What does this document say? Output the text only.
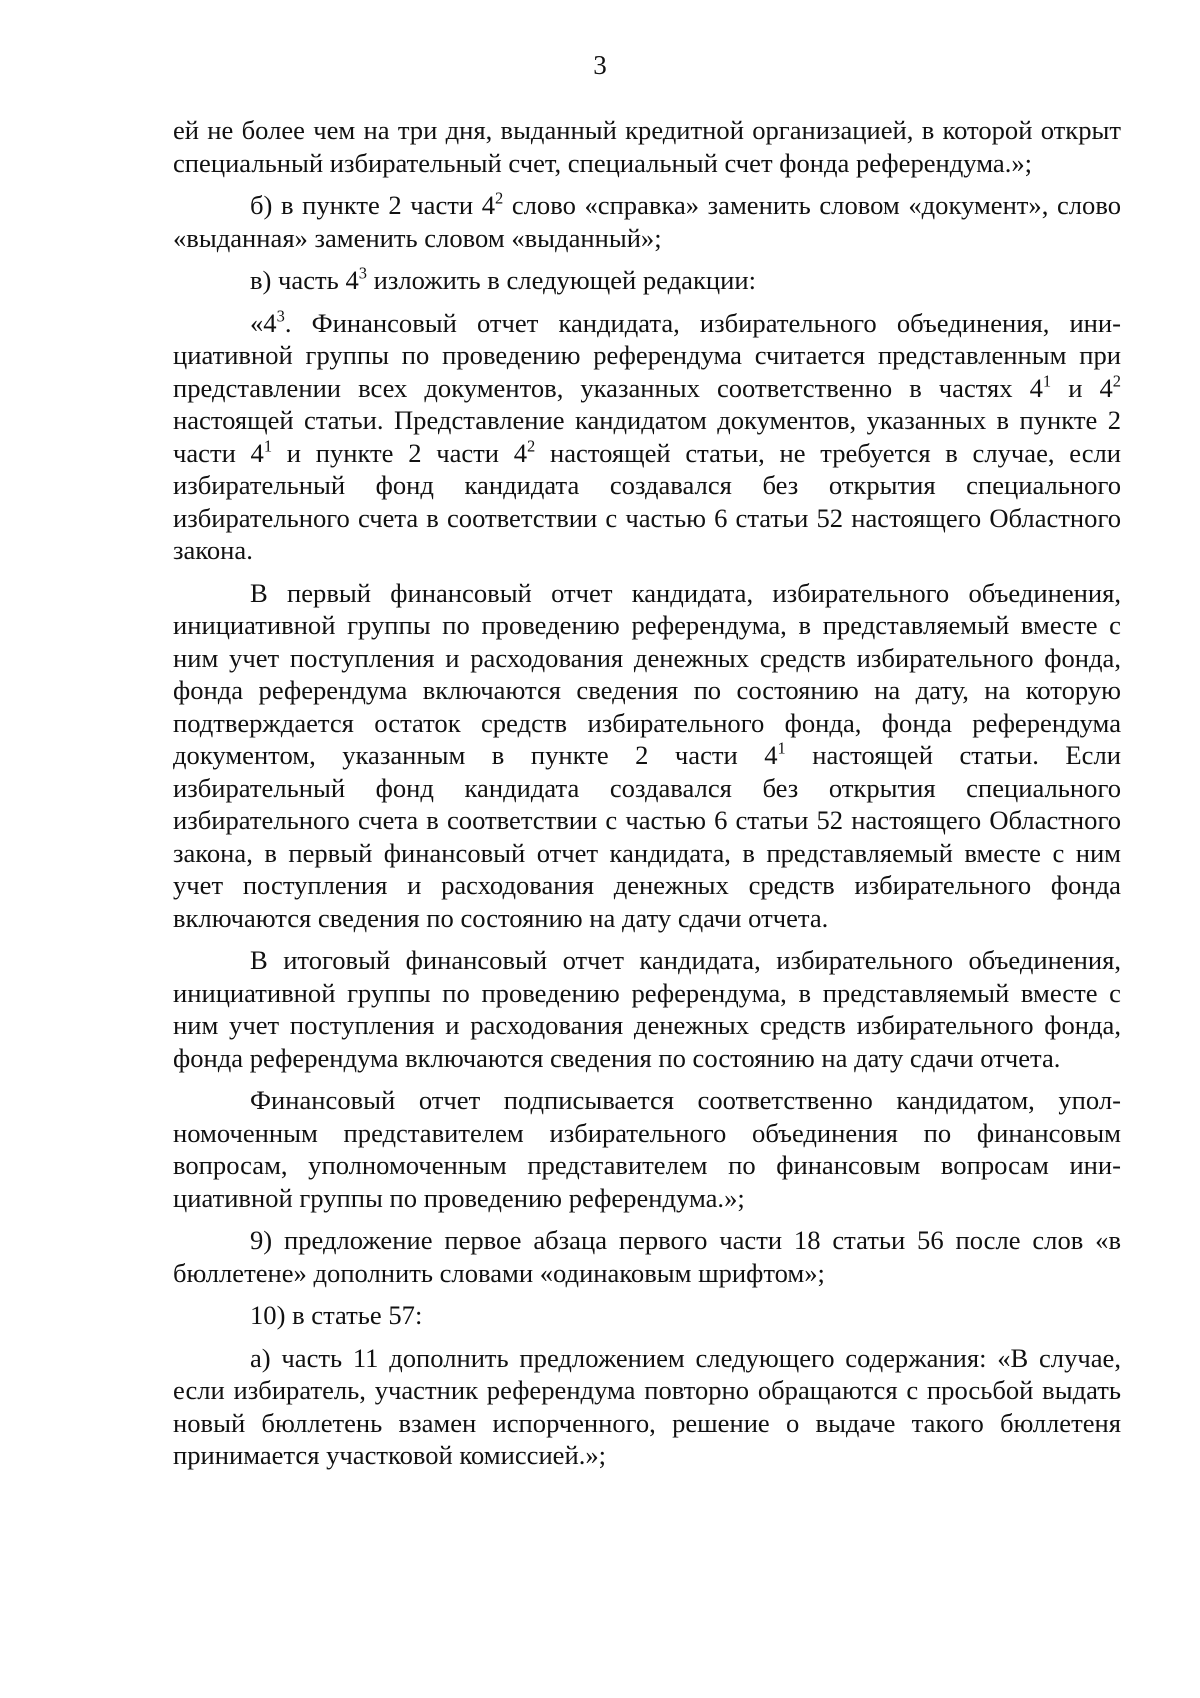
3

ей не более чем на три дня, выданный кредитной организацией, в которой открыт специальный избирательный счет, специальный счет фонда референдума.»;

б) в пункте 2 части $4^2$ слово «справка» заменить словом «документ», слово «выданная» заменить словом «выданный»;

в) часть $4^3$ изложить в следующей редакции:

«$4^3$. Финансовый отчет кандидата, избирательного объединения, инициативной группы по проведению референдума считается представленным при представлении всех документов, указанных соответственно в частях $4^1$ и $4^2$ настоящей статьи. Представление кандидатом документов, указанных в пункте 2 части $4^1$ и пункте 2 части $4^2$ настоящей статьи, не требуется в случае, если избирательный фонд кандидата создавался без открытия специального избирательного счета в соответствии с частью 6 статьи 52 настоящего Областного закона.

В первый финансовый отчет кандидата, избирательного объединения, инициативной группы по проведению референдума, в представляемый вместе с ним учет поступления и расходования денежных средств избирательного фонда, фонда референдума включаются сведения по состоянию на дату, на которую подтверждается остаток средств избирательного фонда, фонда референдума документом, указанным в пункте 2 части $4^1$ настоящей статьи. Если избирательный фонд кандидата создавался без открытия специального избирательного счета в соответствии с частью 6 статьи 52 настоящего Областного закона, в первый финансовый отчет кандидата, в представляемый вместе с ним учет поступления и расходования денежных средств избирательного фонда включаются сведения по состоянию на дату сдачи отчета.

В итоговый финансовый отчет кандидата, избирательного объединения, инициативной группы по проведению референдума, в представляемый вместе с ним учет поступления и расходования денежных средств избирательного фонда, фонда референдума включаются сведения по состоянию на дату сдачи отчета.

Финансовый отчет подписывается соответственно кандидатом, уполномоченным представителем избирательного объединения по финансовым вопросам, уполномоченным представителем по финансовым вопросам инициативной группы по проведению референдума.»;

9) предложение первое абзаца первого части 18 статьи 56 после слов «в бюллетене» дополнить словами «одинаковым шрифтом»;

10) в статье 57:

а) часть 11 дополнить предложением следующего содержания: «В случае, если избиратель, участник референдума повторно обращаются с просьбой выдать новый бюллетень взамен испорченного, решение о выдаче такого бюллетеня принимается участковой комиссией.»;
